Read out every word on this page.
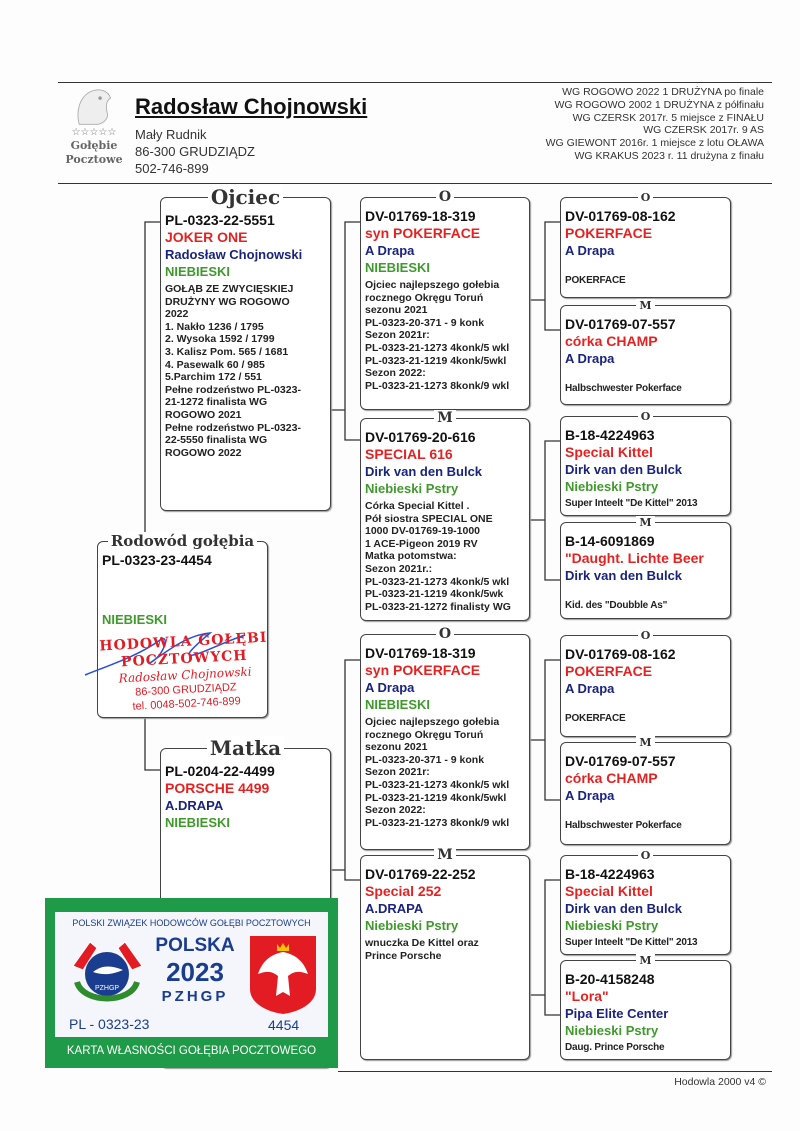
☆☆☆☆☆
Gołębie
Pocztowe
Radosław Chojnowski
Mały Rudnik
86-300 GRUDZIĄDZ
502-746-899
WG ROGOWO 2022 1 DRUŻYNA po finale
WG ROGOWO 2002 1 DRUŻYNA z półfinału
WG CZERSK 2017r. 5 miejsce z FINAŁU
WG CZERSK 2017r. 9 AS
WG GIEWONT 2016r. 1 miejsce z lotu OŁAWA
WG KRAKUS 2023 r. 11 drużyna z finału
Rodowód gołębia
PL-0323-23-4454
NIEBIESKI
Ojciec
PL-0323-22-5551
JOKER ONE
Radosław Chojnowski
NIEBIESKI
GOŁĄB ZE ZWYCIĘSKIEJ
DRUŻYNY WG ROGOWO
2022
1. Nakło 1236 / 1795
2. Wysoka 1592 / 1799
3. Kalisz Pom. 565 / 1681
4. Pasewalk 60 / 985
5.Parchim 172 / 551
Pełne rodzeństwo PL-0323-
21-1272 finalista WG
ROGOWO 2021
Pełne rodzeństwo PL-0323-
22-5550 finalista WG
ROGOWO 2022
Matka
PL-0204-22-4499
PORSCHE 4499
A.DRAPA
NIEBIESKI
O
DV-01769-18-319
syn POKERFACE
A Drapa
NIEBIESKI
Ojciec najlepszego gołebia
rocznego Okręgu Toruń
sezonu 2021
PL-0323-20-371 - 9 konk
Sezon 2021r:
PL-0323-21-1273 4konk/5 wkl
PL-0323-21-1219 4konk/5wkl
Sezon 2022:
PL-0323-21-1273 8konk/9 wkl
M
DV-01769-20-616
SPECIAL 616
Dirk van den Bulck
Niebieski Pstry
Córka Special Kittel .
Pół siostra SPECIAL ONE
1000 DV-01769-19-1000
1 ACE-Pigeon 2019 RV
Matka potomstwa:
Sezon 2021r.:
PL-0323-21-1273 4konk/5 wkl
PL-0323-21-1219 4konk/5wk
PL-0323-21-1272 finalisty WG
O
DV-01769-18-319
syn POKERFACE
A Drapa
NIEBIESKI
Ojciec najlepszego gołebia
rocznego Okręgu Toruń
sezonu 2021
PL-0323-20-371 - 9 konk
Sezon 2021r:
PL-0323-21-1273 4konk/5 wkl
PL-0323-21-1219 4konk/5wkl
Sezon 2022:
PL-0323-21-1273 8konk/9 wkl
M
DV-01769-22-252
Special 252
A.DRAPA
Niebieski Pstry
wnuczka De Kittel oraz
Prince Porsche
O
DV-01769-08-162
POKERFACE
A Drapa
POKERFACE
M
DV-01769-07-557
córka CHAMP
A Drapa
Halbschwester Pokerface
O
B-18-4224963
Special Kittel
Dirk van den Bulck
Niebieski Pstry
Super Inteelt "De Kittel" 2013
M
B-14-6091869
"Daught. Lichte Beer
Dirk van den Bulck
Kid. des "Doubble As"
O
DV-01769-08-162
POKERFACE
A Drapa
POKERFACE
M
DV-01769-07-557
córka CHAMP
A Drapa
Halbschwester Pokerface
O
B-18-4224963
Special Kittel
Dirk van den Bulck
Niebieski Pstry
Super Inteelt "De Kittel" 2013
M
B-20-4158248
"Lora"
Pipa Elite Center
Niebieski Pstry
Daug. Prince Porsche
HODOWLA GOŁĘBI
POCZTOWYCH
Radosław Chojnowski
86-300 GRUDZIĄDZ
tel. 0048-502-746-899
POLSKI ZWIĄZEK HODOWCÓW GOŁĘBI POCZTOWYCH
PZHGP
POLSKA
2023
PZHGP
PL - 0323-23	4454
KARTA WŁASNOŚCI GOŁĘBIA POCZTOWEGO
Hodowla 2000 v4 ©
